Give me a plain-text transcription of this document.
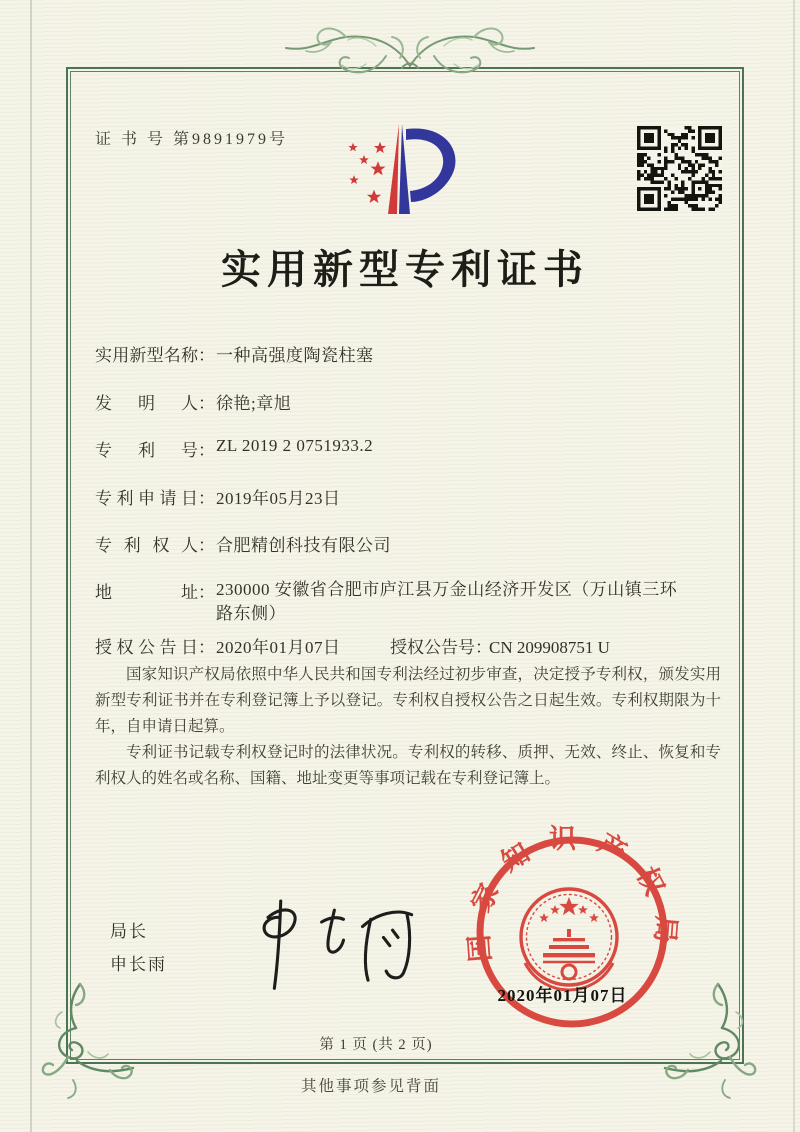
证 书 号 第9891979号
实用新型专利证书
实用新型名称：一种高强度陶瓷柱塞
发明人：徐艳;章旭
专利号：ZL 2019 2 0751933.2
专利申请日：2019年05月23日
专利权人：合肥精创科技有限公司
地址：230000 安徽省合肥市庐江县万金山经济开发区（万山镇三环路东侧）
授权公告日：2020年01月07日	授权公告号：CN 209908751 U

国家知识产权局依照中华人民共和国专利法经过初步审查，决定授予专利权，颁发实用新型专利证书并在专利登记簿上予以登记。专利权自授权公告之日起生效。专利权期限为十年，自申请日起算。

专利证书记载专利权登记时的法律状况。专利权的转移、质押、无效、终止、恢复和专利权人的姓名或名称、国籍、地址变更等事项记载在专利登记簿上。

局长
申长雨
国家知识产权局
2020年01月07日
第 1 页 (共 2 页)
其他事项参见背面
